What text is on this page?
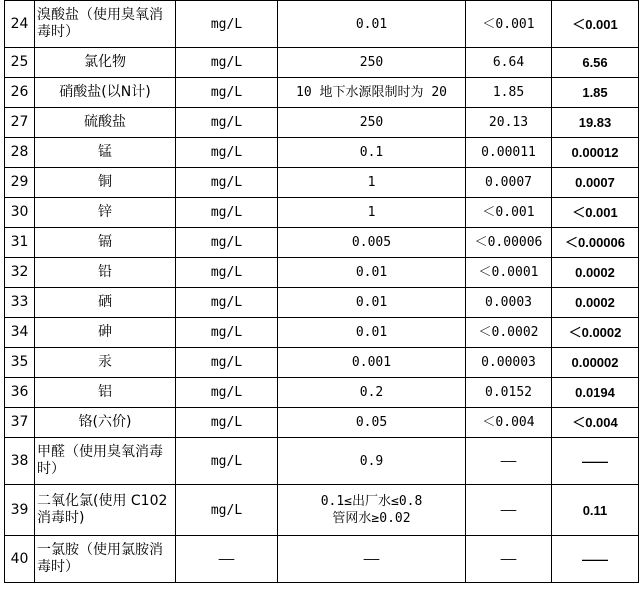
24	溴酸盐（使用臭氧消毒时）	mg/L	0.01	＜0.001	＜0.001
25	氯化物	mg/L	250	6.64	6.56
26	硝酸盐(以N计)	mg/L	10 地下水源限制时为 20	1.85	1.85
27	硫酸盐	mg/L	250	20.13	19.83
28	锰	mg/L	0.1	0.00011	0.00012
29	铜	mg/L	1	0.0007	0.0007
30	锌	mg/L	1	＜0.001	＜0.001
31	镉	mg/L	0.005	＜0.00006	＜0.00006
32	铅	mg/L	0.01	＜0.0001	0.0002
33	硒	mg/L	0.01	0.0003	0.0002
34	砷	mg/L	0.01	＜0.0002	＜0.0002
35	汞	mg/L	0.001	0.00003	0.00002
36	铝	mg/L	0.2	0.0152	0.0194
37	铬(六价)	mg/L	0.05	＜0.004	＜0.004
38	甲醛（使用臭氧消毒时）	mg/L	0.9	——	——
39	二氧化氯(使用 C102 消毒时)	mg/L	0.1≤出厂水≤0.8
管网水≥0.02	——	0.11
40	一氯胺（使用氯胺消毒时）	——	——	——	——
